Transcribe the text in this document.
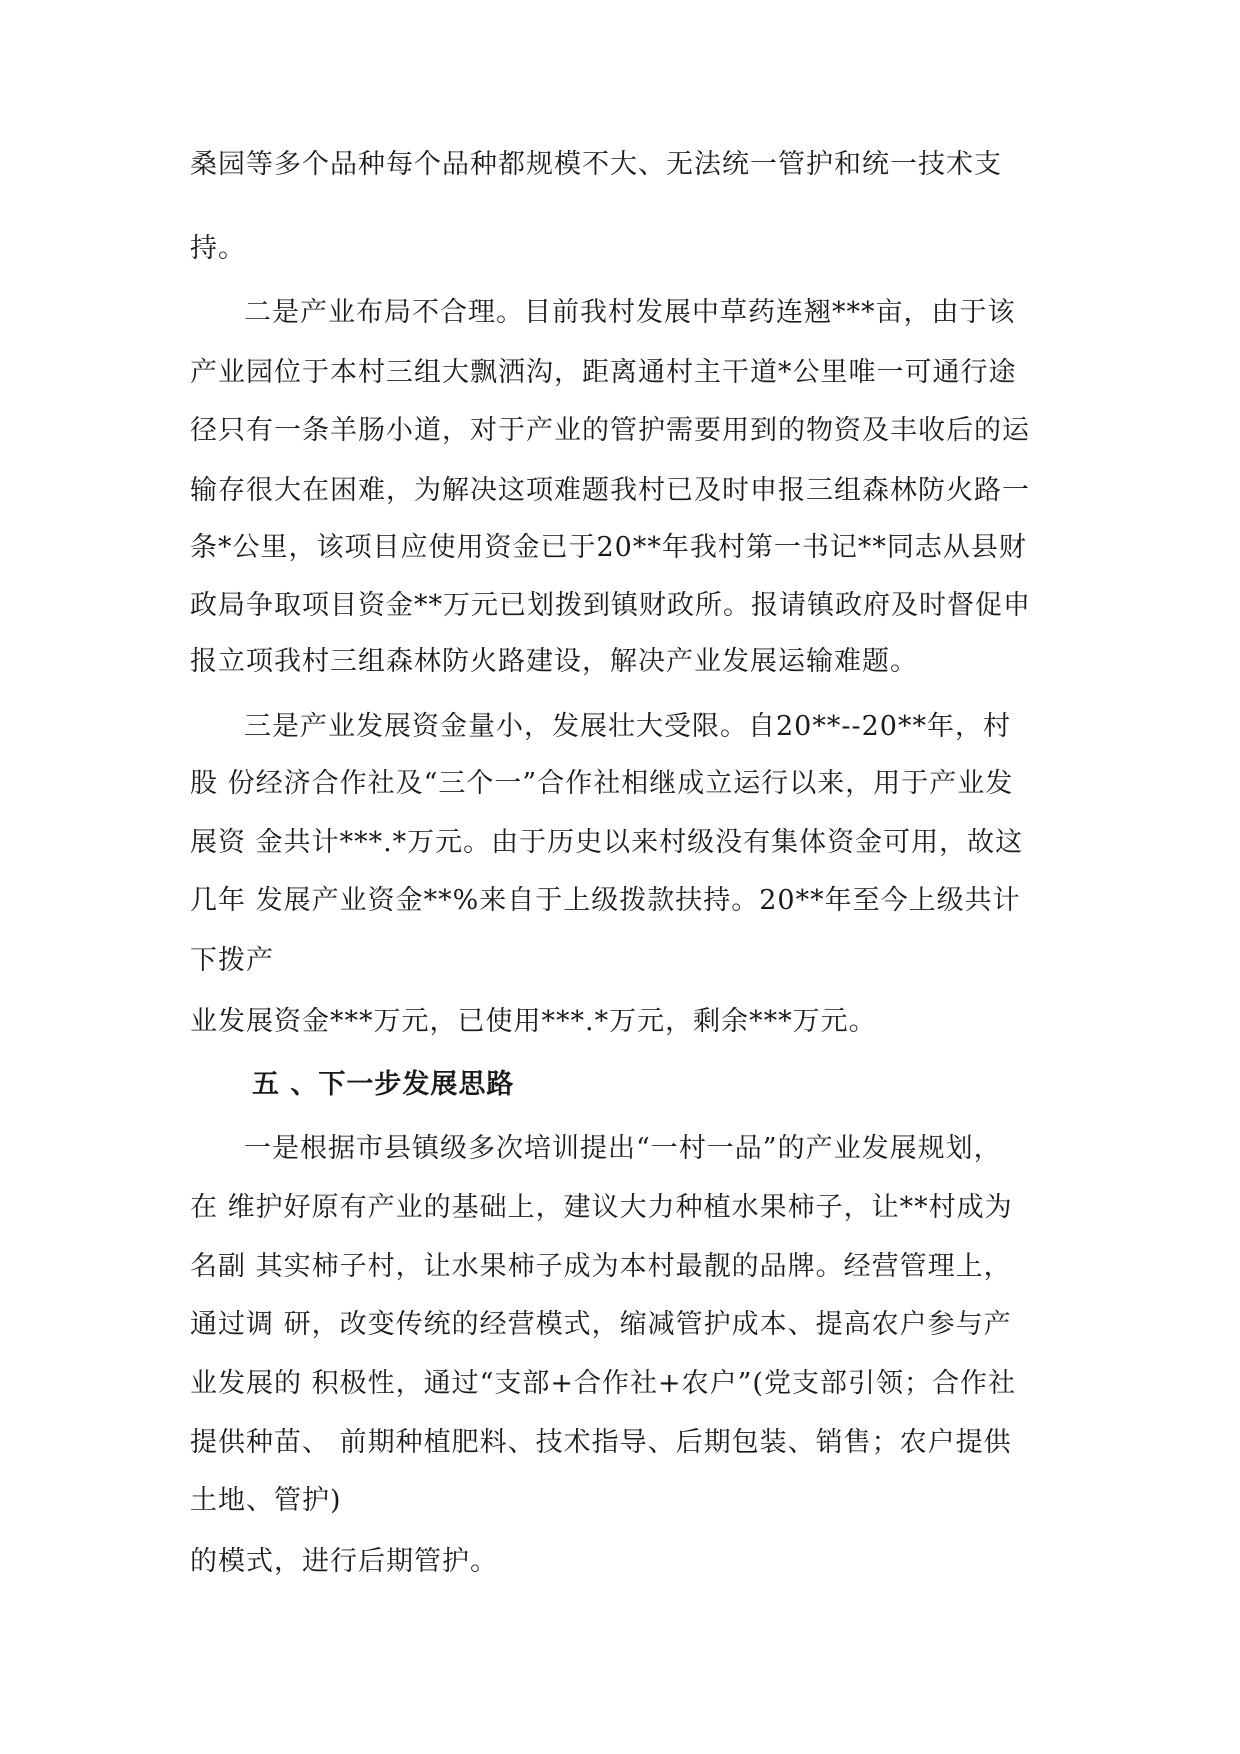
桑园等多个品种每个品种都规模不大、无法统一管护和统一技术支
持。
二是产业布局不合理。目前我村发展中草药连翘***亩，由于该
产业园位于本村三组大飘洒沟，距离通村主干道*公里唯一可通行途
径只有一条羊肠小道，对于产业的管护需要用到的物资及丰收后的运
输存很大在困难，为解决这项难题我村已及时申报三组森林防火路一
条*公里，该项目应使用资金已于20**年我村第一书记**同志从县财
政局争取项目资金**万元已划拨到镇财政所。报请镇政府及时督促申
报立项我村三组森林防火路建设，解决产业发展运输难题。
三是产业发展资金量小，发展壮大受限。自20**--20**年，村
股 份经济合作社及“三个一”合作社相继成立运行以来，用于产业发
展资 金共计***.*万元。由于历史以来村级没有集体资金可用，故这
几年 发展产业资金**%来自于上级拨款扶持。20**年至今上级共计
下拨产
业发展资金***万元，已使用***.*万元，剩余***万元。
五 、下一步发展思路
一是根据市县镇级多次培训提出“一村一品”的产业发展规划，
在 维护好原有产业的基础上，建议大力种植水果柿子，让**村成为
名副 其实柿子村，让水果柿子成为本村最靓的品牌。经营管理上，
通过调 研，改变传统的经营模式，缩减管护成本、提高农户参与产
业发展的 积极性，通过“支部+合作社+农户”(党支部引领；合作社
提供种苗、 前期种植肥料、技术指导、后期包装、销售；农户提供
土地、管护)
的模式，进行后期管护。
